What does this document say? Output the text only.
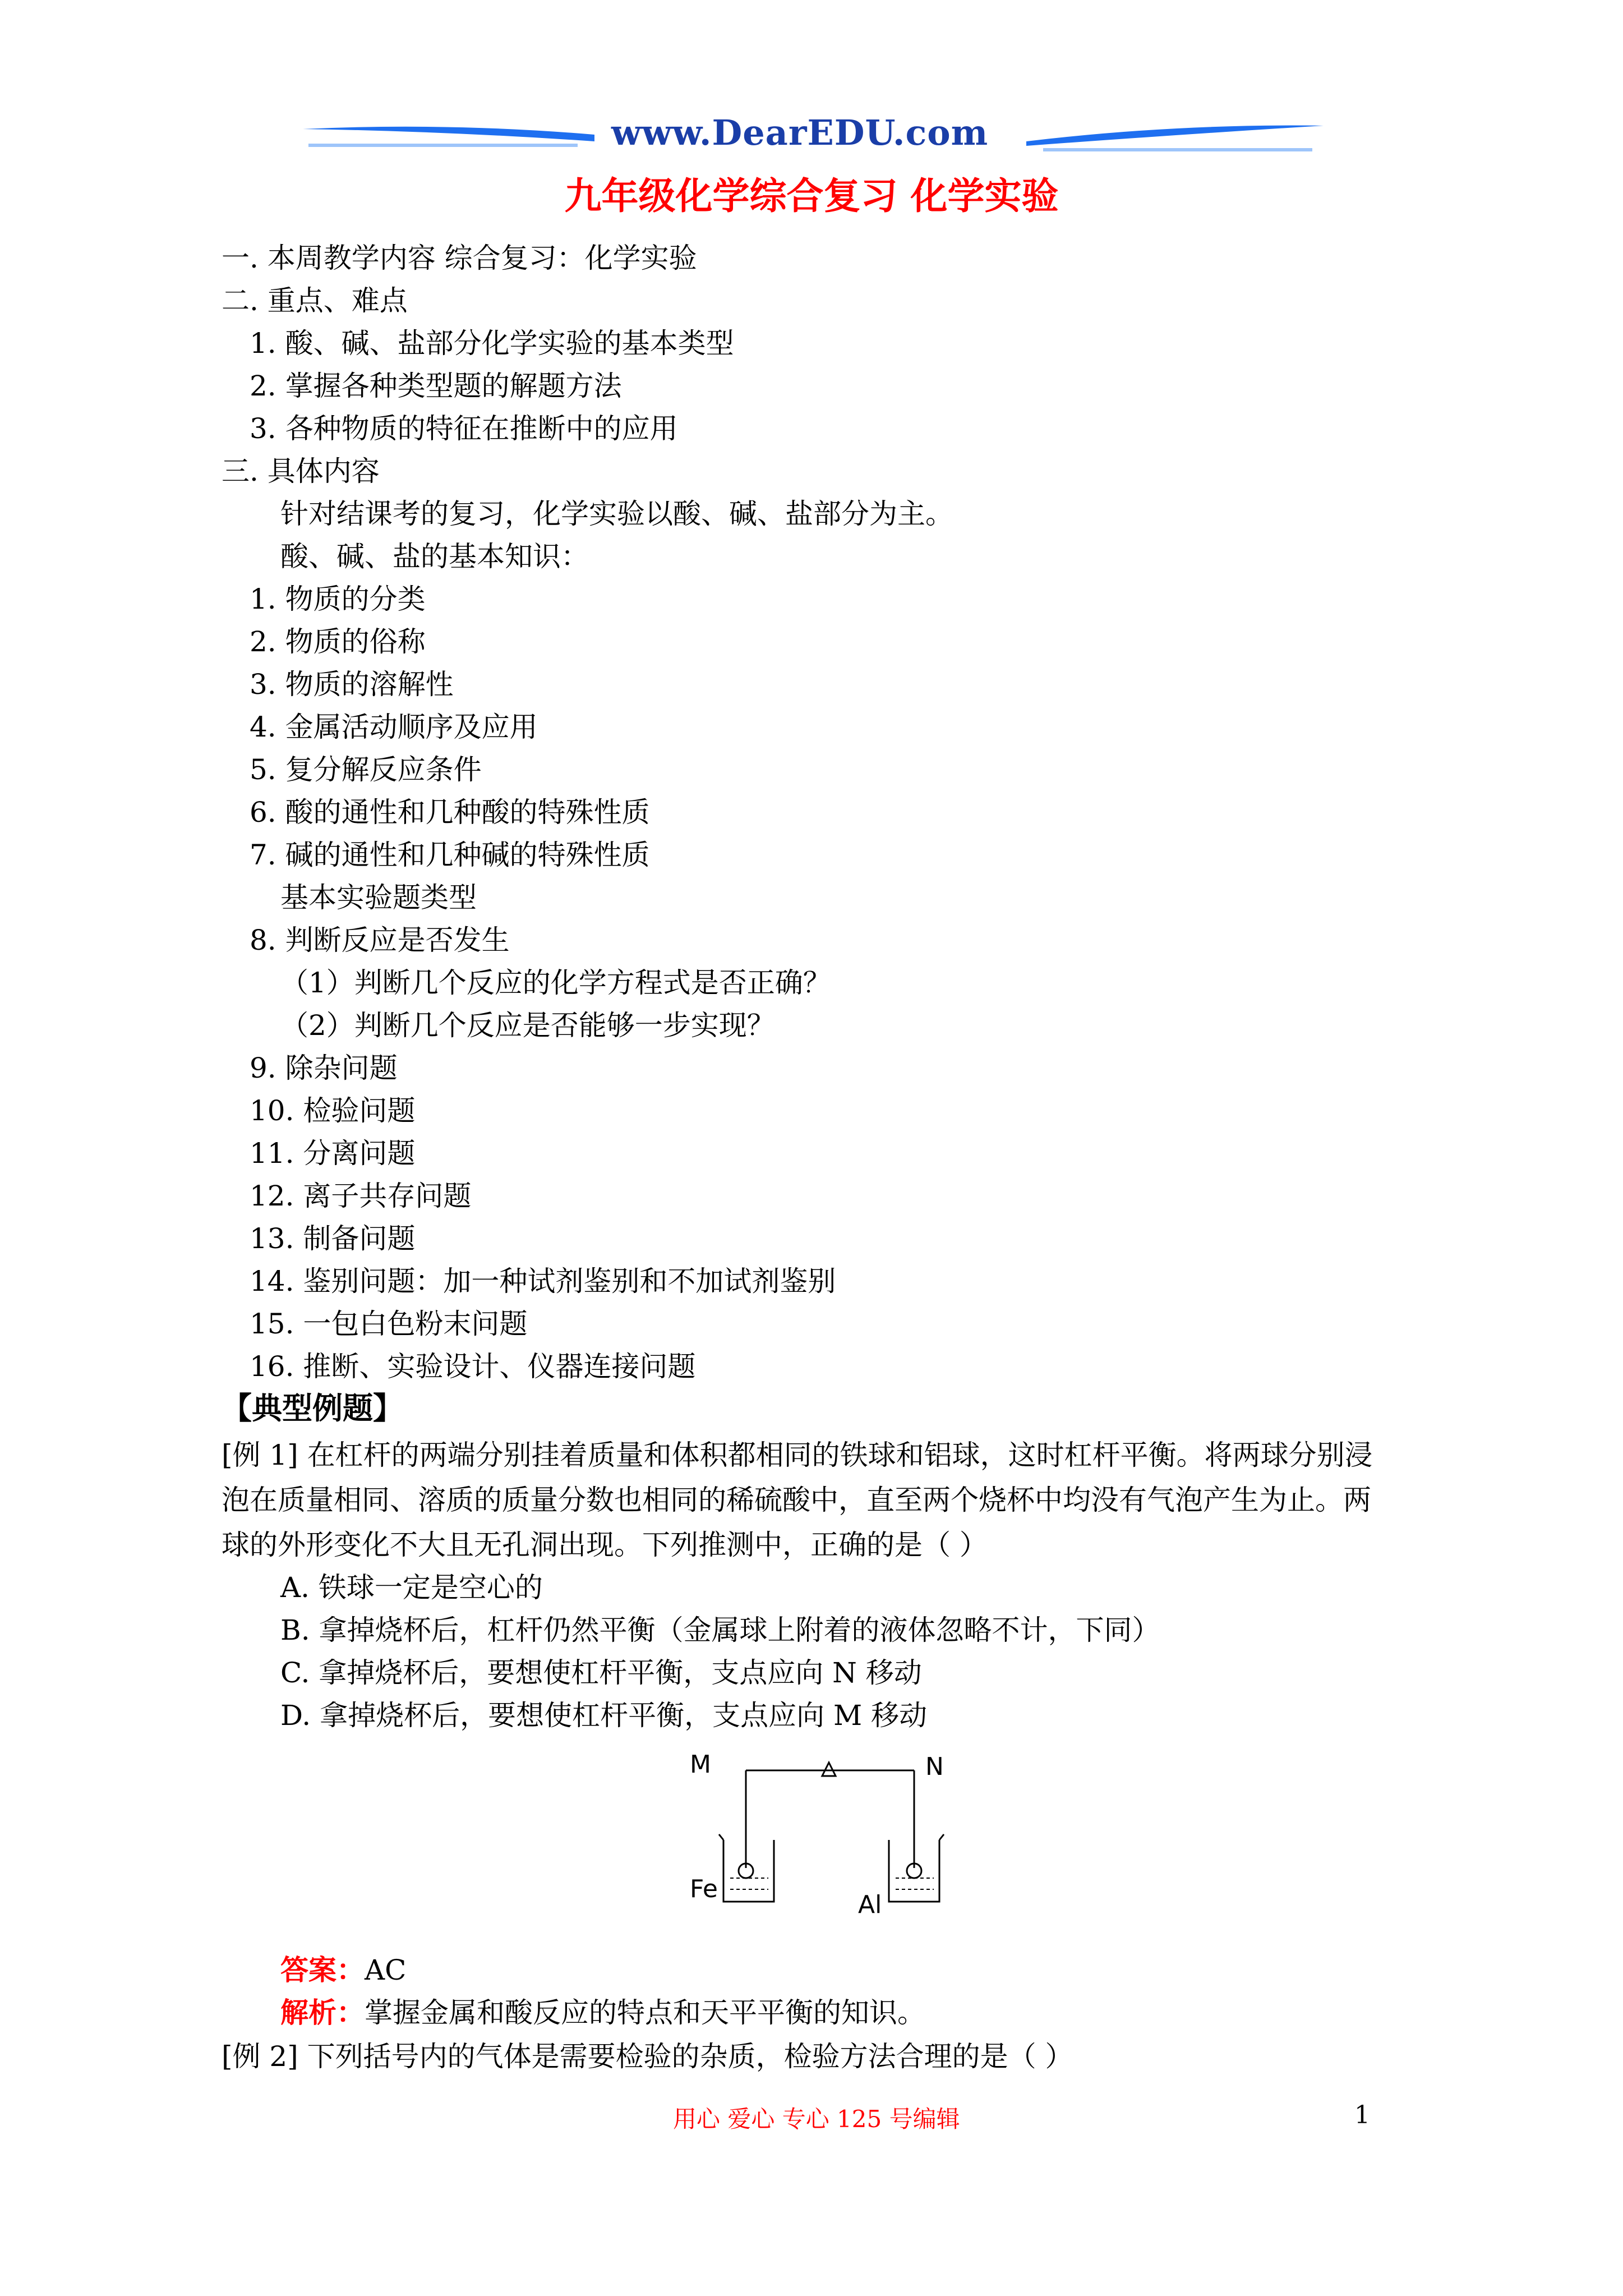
www.DearEDU.com
九年级化学综合复习 化学实验
一. 本周教学内容 综合复习：化学实验
二. 重点、难点
1. 酸、碱、盐部分化学实验的基本类型
2. 掌握各种类型题的解题方法
3. 各种物质的特征在推断中的应用
三. 具体内容
针对结课考的复习，化学实验以酸、碱、盐部分为主。
酸、碱、盐的基本知识：
1. 物质的分类
2. 物质的俗称
3. 物质的溶解性
4. 金属活动顺序及应用
5. 复分解反应条件
6. 酸的通性和几种酸的特殊性质
7. 碱的通性和几种碱的特殊性质
基本实验题类型
8. 判断反应是否发生
（1）判断几个反应的化学方程式是否正确？
（2）判断几个反应是否能够一步实现？
9. 除杂问题
10. 检验问题
11. 分离问题
12. 离子共存问题
13. 制备问题
14. 鉴别问题：加一种试剂鉴别和不加试剂鉴别
15. 一包白色粉末问题
16. 推断、实验设计、仪器连接问题
【典型例题】
[例 1] 在杠杆的两端分别挂着质量和体积都相同的铁球和铝球，这时杠杆平衡。将两球分别浸
泡在质量相同、溶质的质量分数也相同的稀硫酸中，直至两个烧杯中均没有气泡产生为止。两
球的外形变化不大且无孔洞出现。下列推测中，正确的是（ ）
A. 铁球一定是空心的
B. 拿掉烧杯后，杠杆仍然平衡（金属球上附着的液体忽略不计，下同）
C. 拿掉烧杯后，要想使杠杆平衡，支点应向 N 移动
D. 拿掉烧杯后，要想使杠杆平衡，支点应向 M 移动
M	N
Fe
Al
答案：AC
解析：掌握金属和酸反应的特点和天平平衡的知识。
[例 2] 下列括号内的气体是需要检验的杂质，检验方法合理的是（ ）
用心 爱心 专心 125 号编辑	1
